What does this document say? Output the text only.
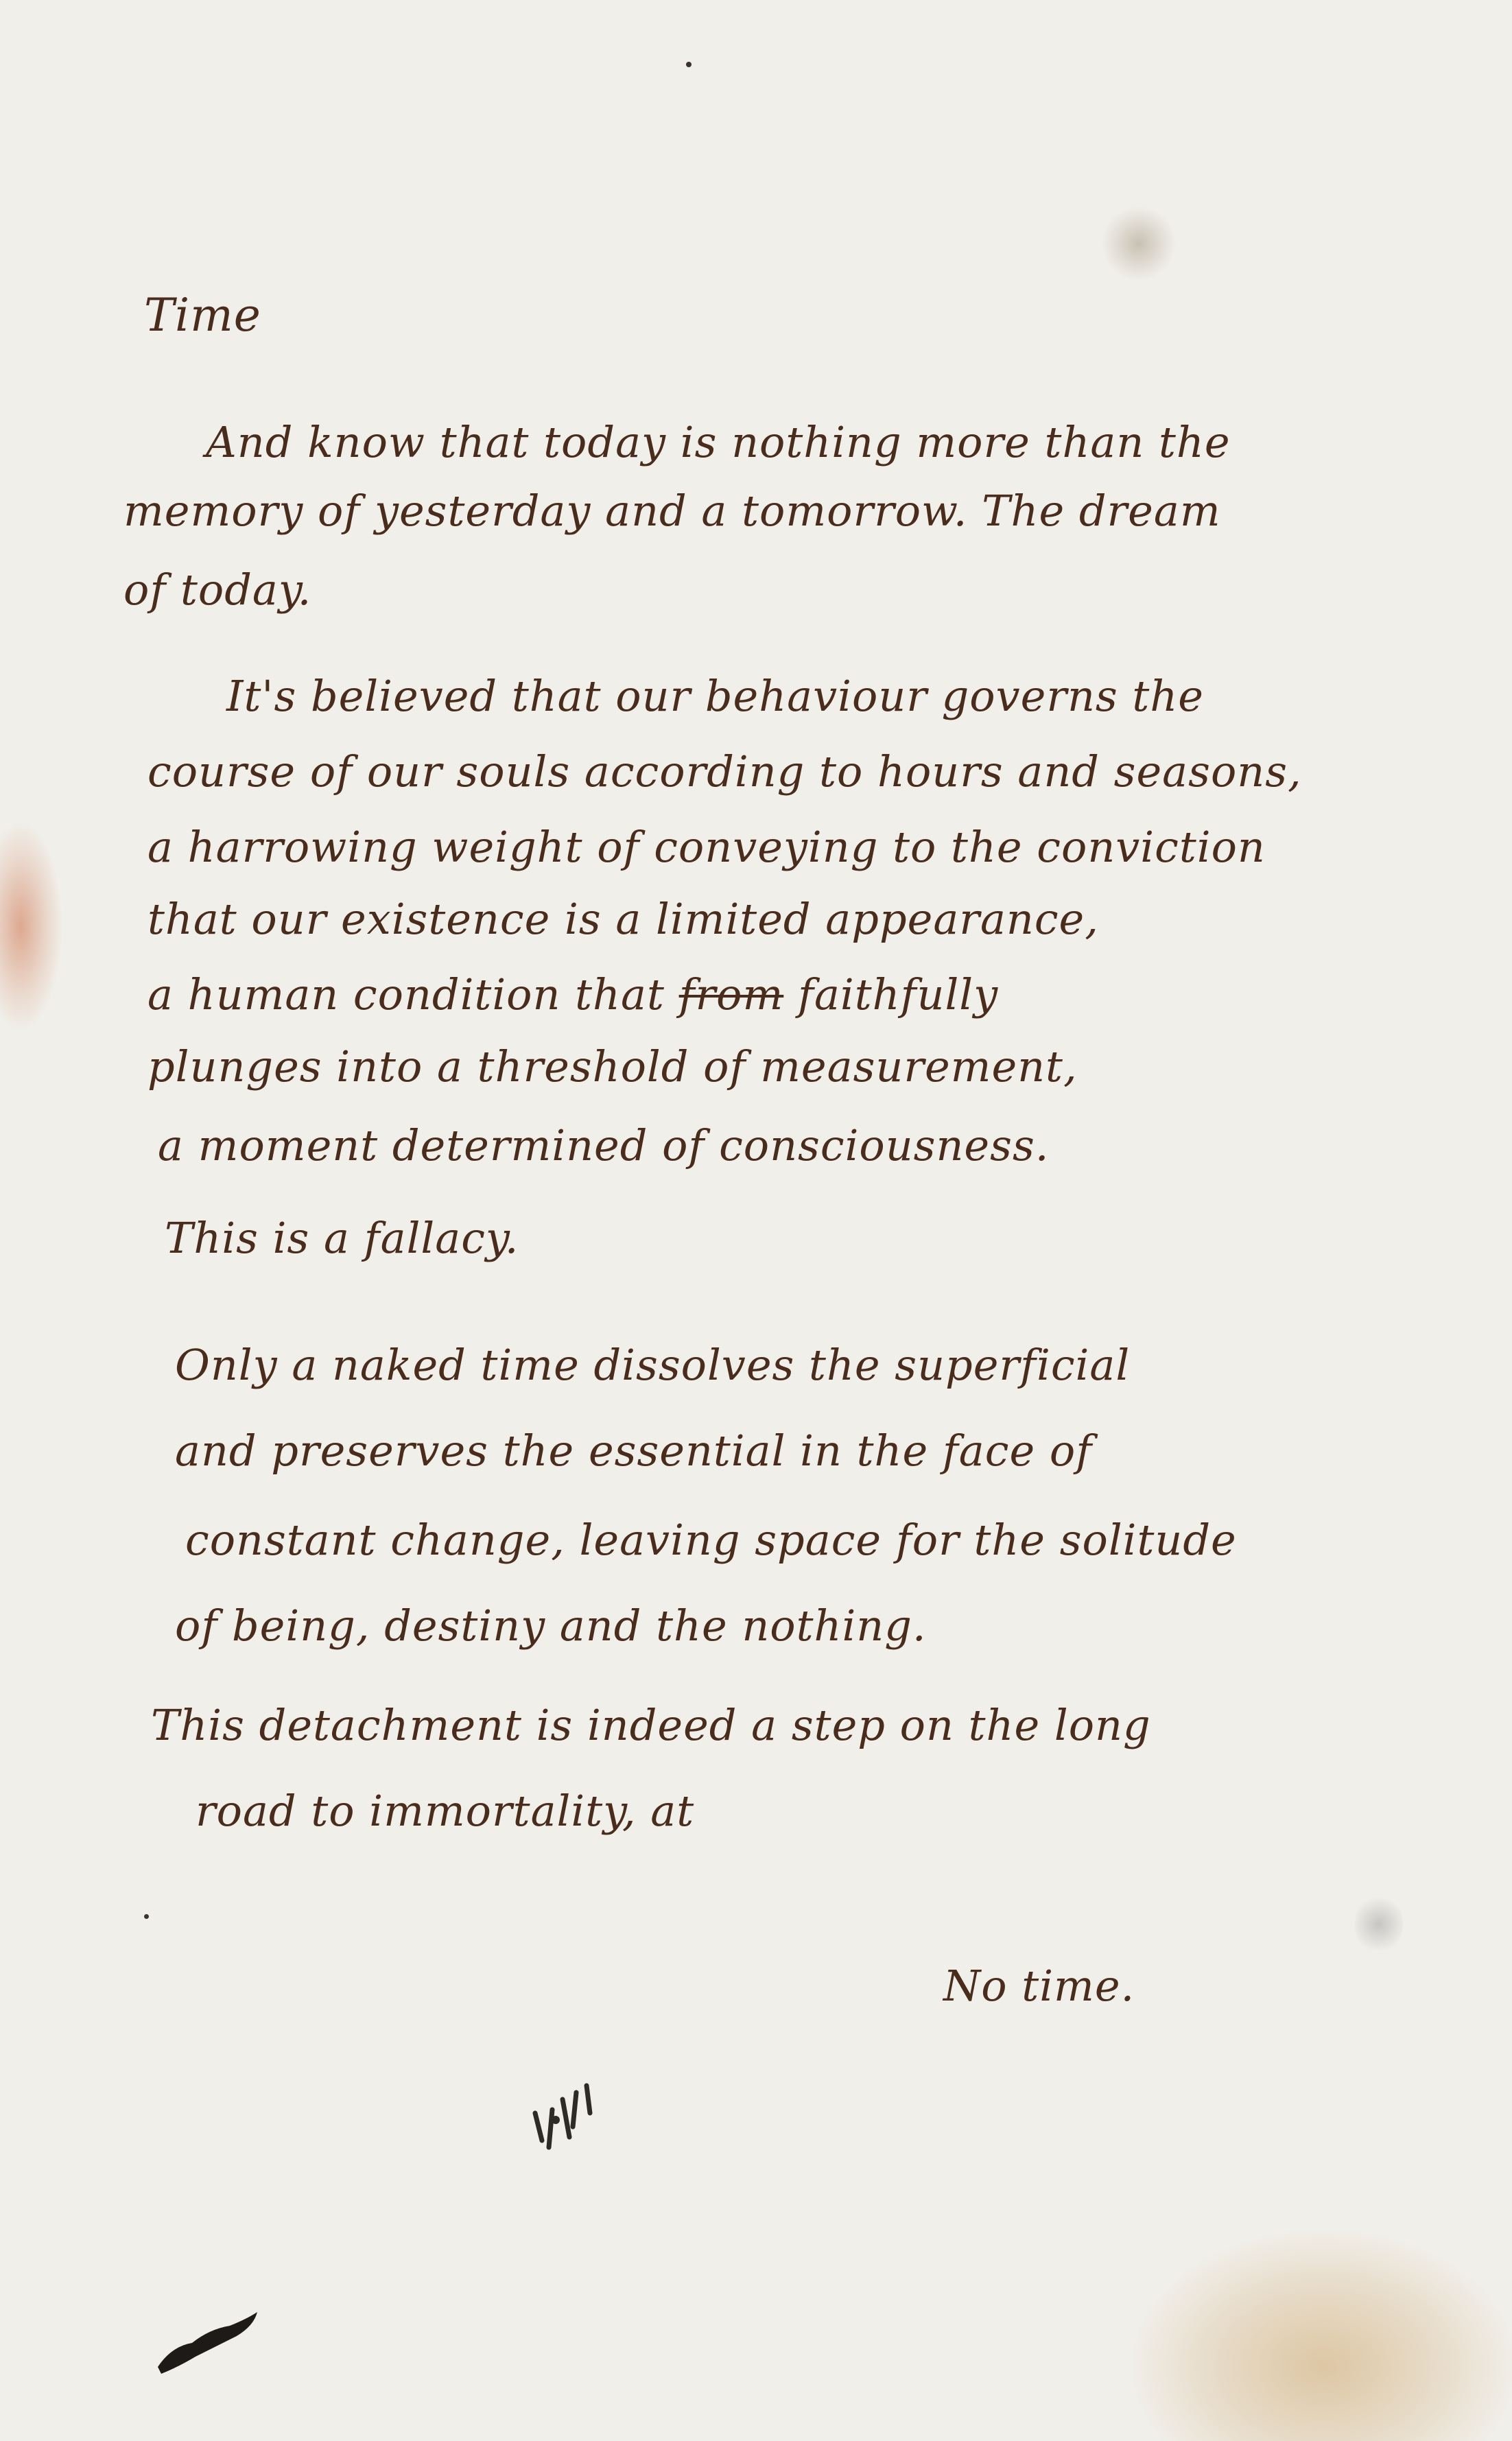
Time
And know that today is nothing more than the
memory of yesterday and a tomorrow. The dream
of today.
It's believed that our behaviour governs the
course of our souls according to hours and seasons,
a harrowing weight of conveying to the conviction
that our existence is a limited appearance,
a human condition that from faithfully
plunges into a threshold of measurement,
a moment determined of consciousness.
This is a fallacy.
Only a naked time dissolves the superficial
and preserves the essential in the face of
constant change, leaving space for the solitude
of being, destiny and the nothing.
This detachment is indeed a step on the long
road to immortality, at
No time.
